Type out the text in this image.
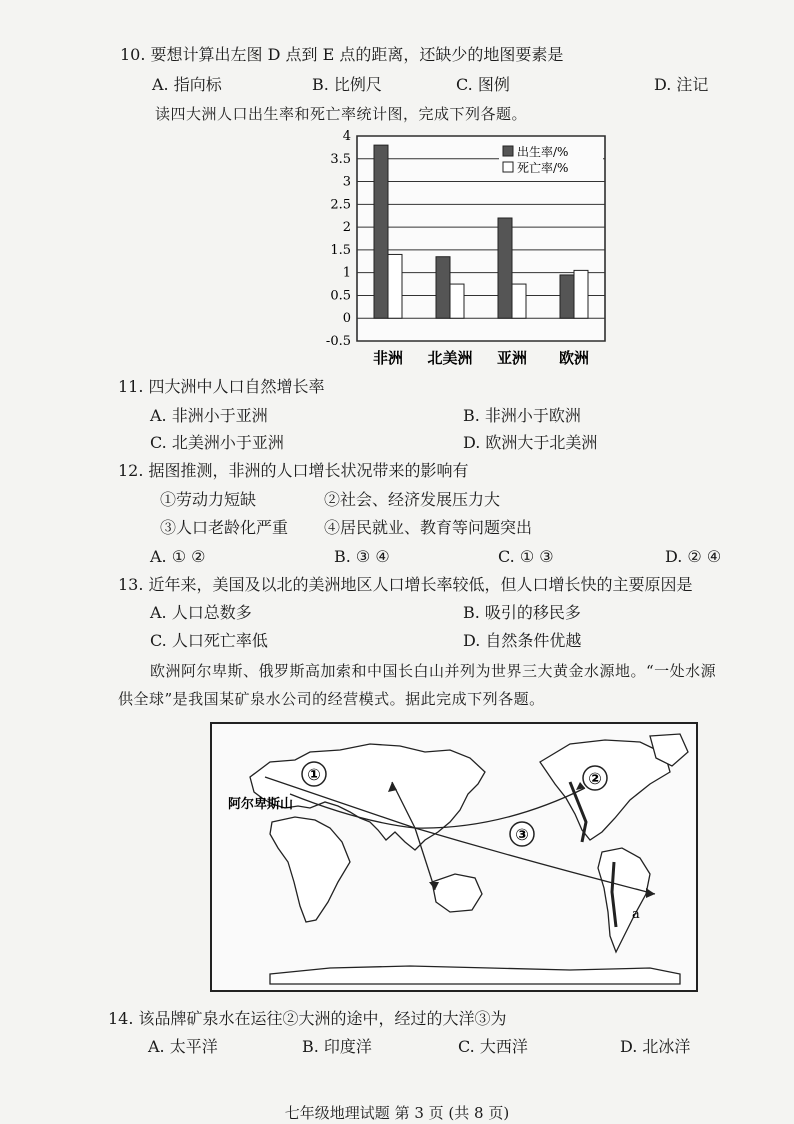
10. 要想计算出左图 D 点到 E 点的距离，还缺少的地图要素是
A. 指向标	B. 比例尺	C. 图例	D. 注记
读四大洲人口出生率和死亡率统计图，完成下列各题。
4
3.5
3
2.5
2
1.5
1
0.5
0
-0.5
非洲 北美洲 亚洲 欧洲
出生率/%
死亡率/%
11. 四大洲中人口自然增长率
A. 非洲小于亚洲	B. 非洲小于欧洲
C. 北美洲小于亚洲	D. 欧洲大于北美洲
12. 据图推测，非洲的人口增长状况带来的影响有
①劳动力短缺	②社会、经济发展压力大
③人口老龄化严重 ④居民就业、教育等问题突出
A. ① ②	B. ③ ④	C. ① ③	D. ② ④
13. 近年来，美国及以北的美洲地区人口增长率较低，但人口增长快的主要原因是
A. 人口总数多	B. 吸引的移民多
C. 人口死亡率低	D. 自然条件优越
欧洲阿尔卑斯、俄罗斯高加索和中国长白山并列为世界三大黄金水源地。“一处水源
供全球”是我国某矿泉水公司的经营模式。据此完成下列各题。
①	②
③
阿尔卑斯山
a
14. 该品牌矿泉水在运往②大洲的途中，经过的大洋③为
A. 太平洋	B. 印度洋	C. 大西洋	D. 北冰洋
七年级地理试题 第 3 页 (共 8 页)
